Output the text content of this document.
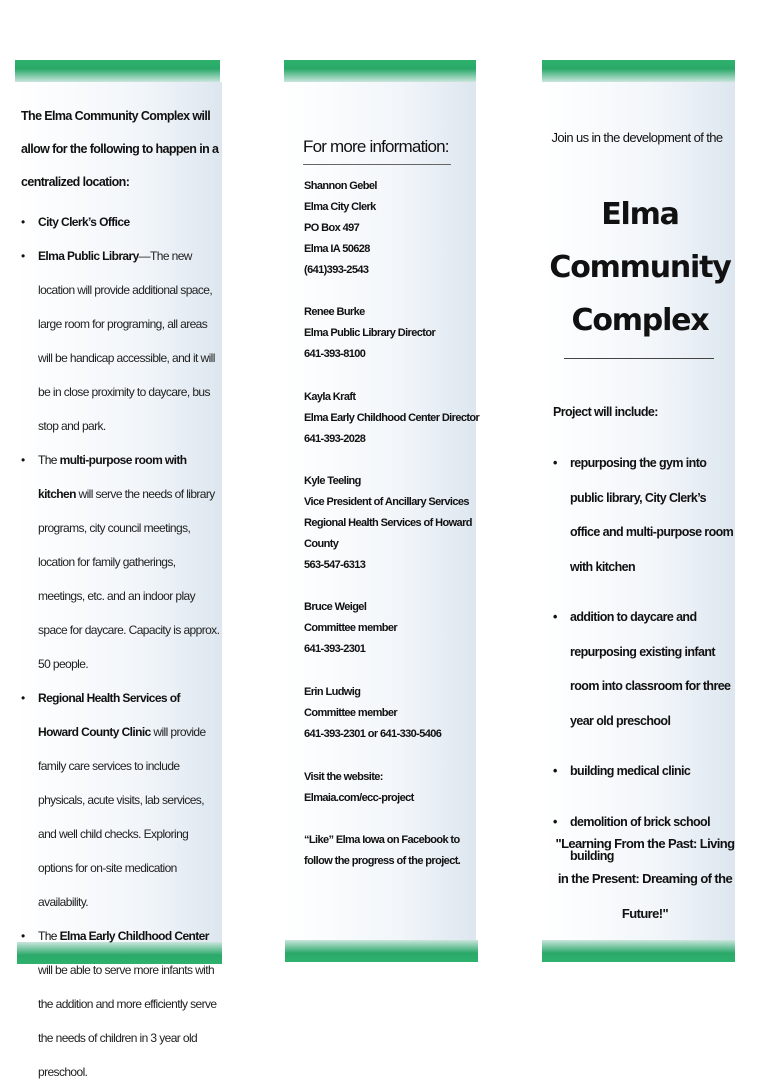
The Elma Community Complex will allow for the following to happen in a centralized location:
• City Clerk’s Office
• Elma Public Library—The new location will provide additional space, large room for programing, all areas will be handicap accessible, and it will be in close proximity to daycare, bus stop and park.
• The multi-purpose room with kitchen will serve the needs of library programs, city council meetings, location for family gatherings, meetings, etc. and an indoor play space for daycare. Capacity is approx. 50 people.
• Regional Health Services of Howard County Clinic will provide family care services to include physicals, acute visits, lab services, and well child checks. Exploring options for on-site medication availability.
• The Elma Early Childhood Center will be able to serve more infants with the addition and more efficiently serve the needs of children in 3 year old preschool.
For more information:
Shannon Gebel
Elma City Clerk
PO Box 497
Elma IA 50628
(641)393-2543
Renee Burke
Elma Public Library Director
641-393-8100
Kayla Kraft
Elma Early Childhood Center Director
641-393-2028
Kyle Teeling
Vice President of Ancillary Services
Regional Health Services of Howard
County
563-547-6313
Bruce Weigel
Committee member
641-393-2301
Erin Ludwig
Committee member
641-393-2301 or 641-330-5406
Visit the website:
Elmaia.com/ecc-project
“Like” Elma Iowa on Facebook to
follow the progress of the project.
Join us in the development of the
Elma
Community
Complex
Project will include:
• repurposing the gym into public library, City Clerk’s office and multi-purpose room with kitchen
• addition to daycare and repurposing existing infant room into classroom for three year old preschool
• building medical clinic
• demolition of brick school building
"Learning From the Past: Living in the Present: Dreaming of the Future!"
